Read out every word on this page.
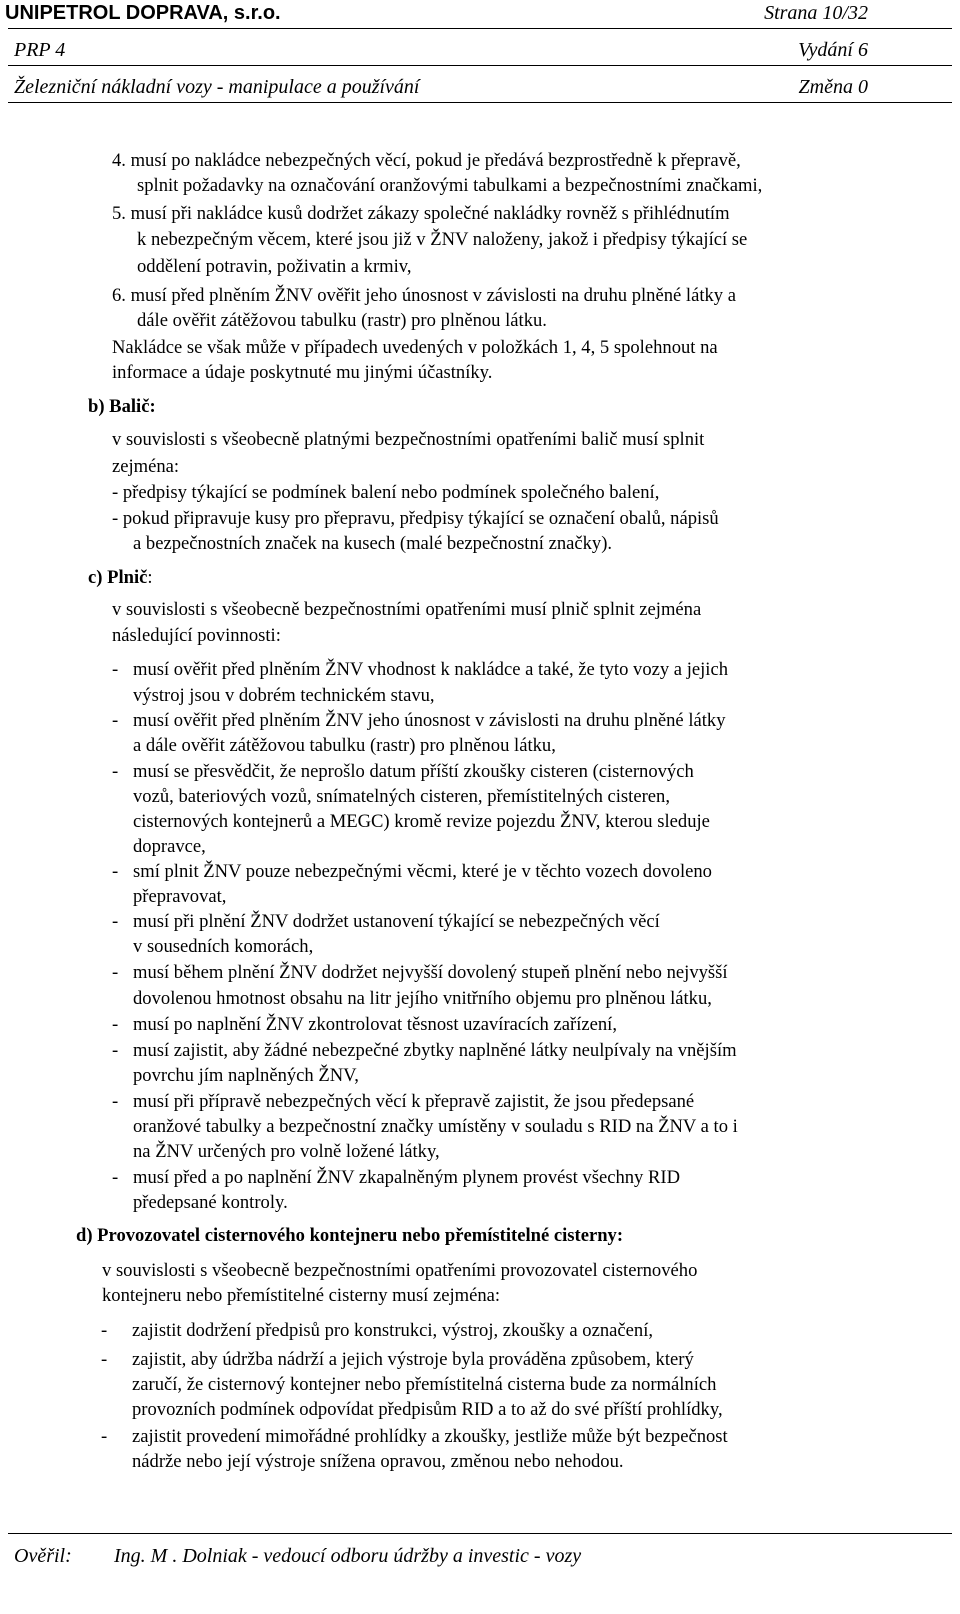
UNIPETROL DOPRAVA, s.r.o.	Strana 10/32
PRP 4	Vydání 6
Železniční nákladní vozy - manipulace a používání	Změna 0
4. musí po nakládce nebezpečných věcí, pokud je předává bezprostředně k přepravě,
splnit požadavky na označování oranžovými tabulkami a bezpečnostními značkami,
5. musí při nakládce kusů dodržet zákazy společné nakládky rovněž s přihlédnutím
k nebezpečným věcem, které jsou již v ŽNV naloženy, jakož i předpisy týkající se
oddělení potravin, poživatin a krmiv,
6. musí před plněním ŽNV ověřit jeho únosnost v závislosti na druhu plněné látky a
dále ověřit zátěžovou tabulku (rastr) pro plněnou látku.
Nakládce se však může v případech uvedených v položkách 1, 4, 5 spolehnout na
informace a údaje poskytnuté mu jinými účastníky.
b) Balič:
v souvislosti s všeobecně platnými bezpečnostními opatřeními balič musí splnit
zejména:
- předpisy týkající se podmínek balení nebo podmínek společného balení,
- pokud připravuje kusy pro přepravu, předpisy týkající se označení obalů, nápisů
a bezpečnostních značek na kusech (malé bezpečnostní značky).
c) Plnič:
v souvislosti s všeobecně bezpečnostními opatřeními musí plnič splnit zejména
následující povinnosti:
- musí ověřit před plněním ŽNV vhodnost k nakládce a také, že tyto vozy a jejich
výstroj jsou v dobrém technickém stavu,
- musí ověřit před plněním ŽNV jeho únosnost v závislosti na druhu plněné látky
a dále ověřit zátěžovou tabulku (rastr) pro plněnou látku,
- musí se přesvědčit, že neprošlo datum příští zkoušky cisteren (cisternových
vozů, bateriových vozů, snímatelných cisteren, přemístitelných cisteren,
cisternových kontejnerů a MEGC) kromě revize pojezdu ŽNV, kterou sleduje
dopravce,
- smí plnit ŽNV pouze nebezpečnými věcmi, které je v těchto vozech dovoleno
přepravovat,
- musí při plnění ŽNV dodržet ustanovení týkající se nebezpečných věcí
v sousedních komorách,
- musí během plnění ŽNV dodržet nejvyšší dovolený stupeň plnění nebo nejvyšší
dovolenou hmotnost obsahu na litr jejího vnitřního objemu pro plněnou látku,
- musí po naplnění ŽNV zkontrolovat těsnost uzavíracích zařízení,
- musí zajistit, aby žádné nebezpečné zbytky naplněné látky neulpívaly na vnějším
povrchu jím naplněných ŽNV,
- musí při přípravě nebezpečných věcí k přepravě zajistit, že jsou předepsané
oranžové tabulky a bezpečnostní značky umístěny v souladu s RID na ŽNV a to i
na ŽNV určených pro volně ložené látky,
- musí před a po naplnění ŽNV zkapalněným plynem provést všechny RID
předepsané kontroly.
d) Provozovatel cisternového kontejneru nebo přemístitelné cisterny:
v souvislosti s všeobecně bezpečnostními opatřeními provozovatel cisternového
kontejneru nebo přemístitelné cisterny musí zejména:
- zajistit dodržení předpisů pro konstrukci, výstroj, zkoušky a označení,
- zajistit, aby údržba nádrží a jejich výstroje byla prováděna způsobem, který
zaručí, že cisternový kontejner nebo přemístitelná cisterna bude za normálních
provozních podmínek odpovídat předpisům RID a to až do své příští prohlídky,
- zajistit provedení mimořádné prohlídky a zkoušky, jestliže může být bezpečnost
nádrže nebo její výstroje snížena opravou, změnou nebo nehodou.
Ověřil: Ing. M . Dolniak - vedoucí odboru údržby a investic - vozy
